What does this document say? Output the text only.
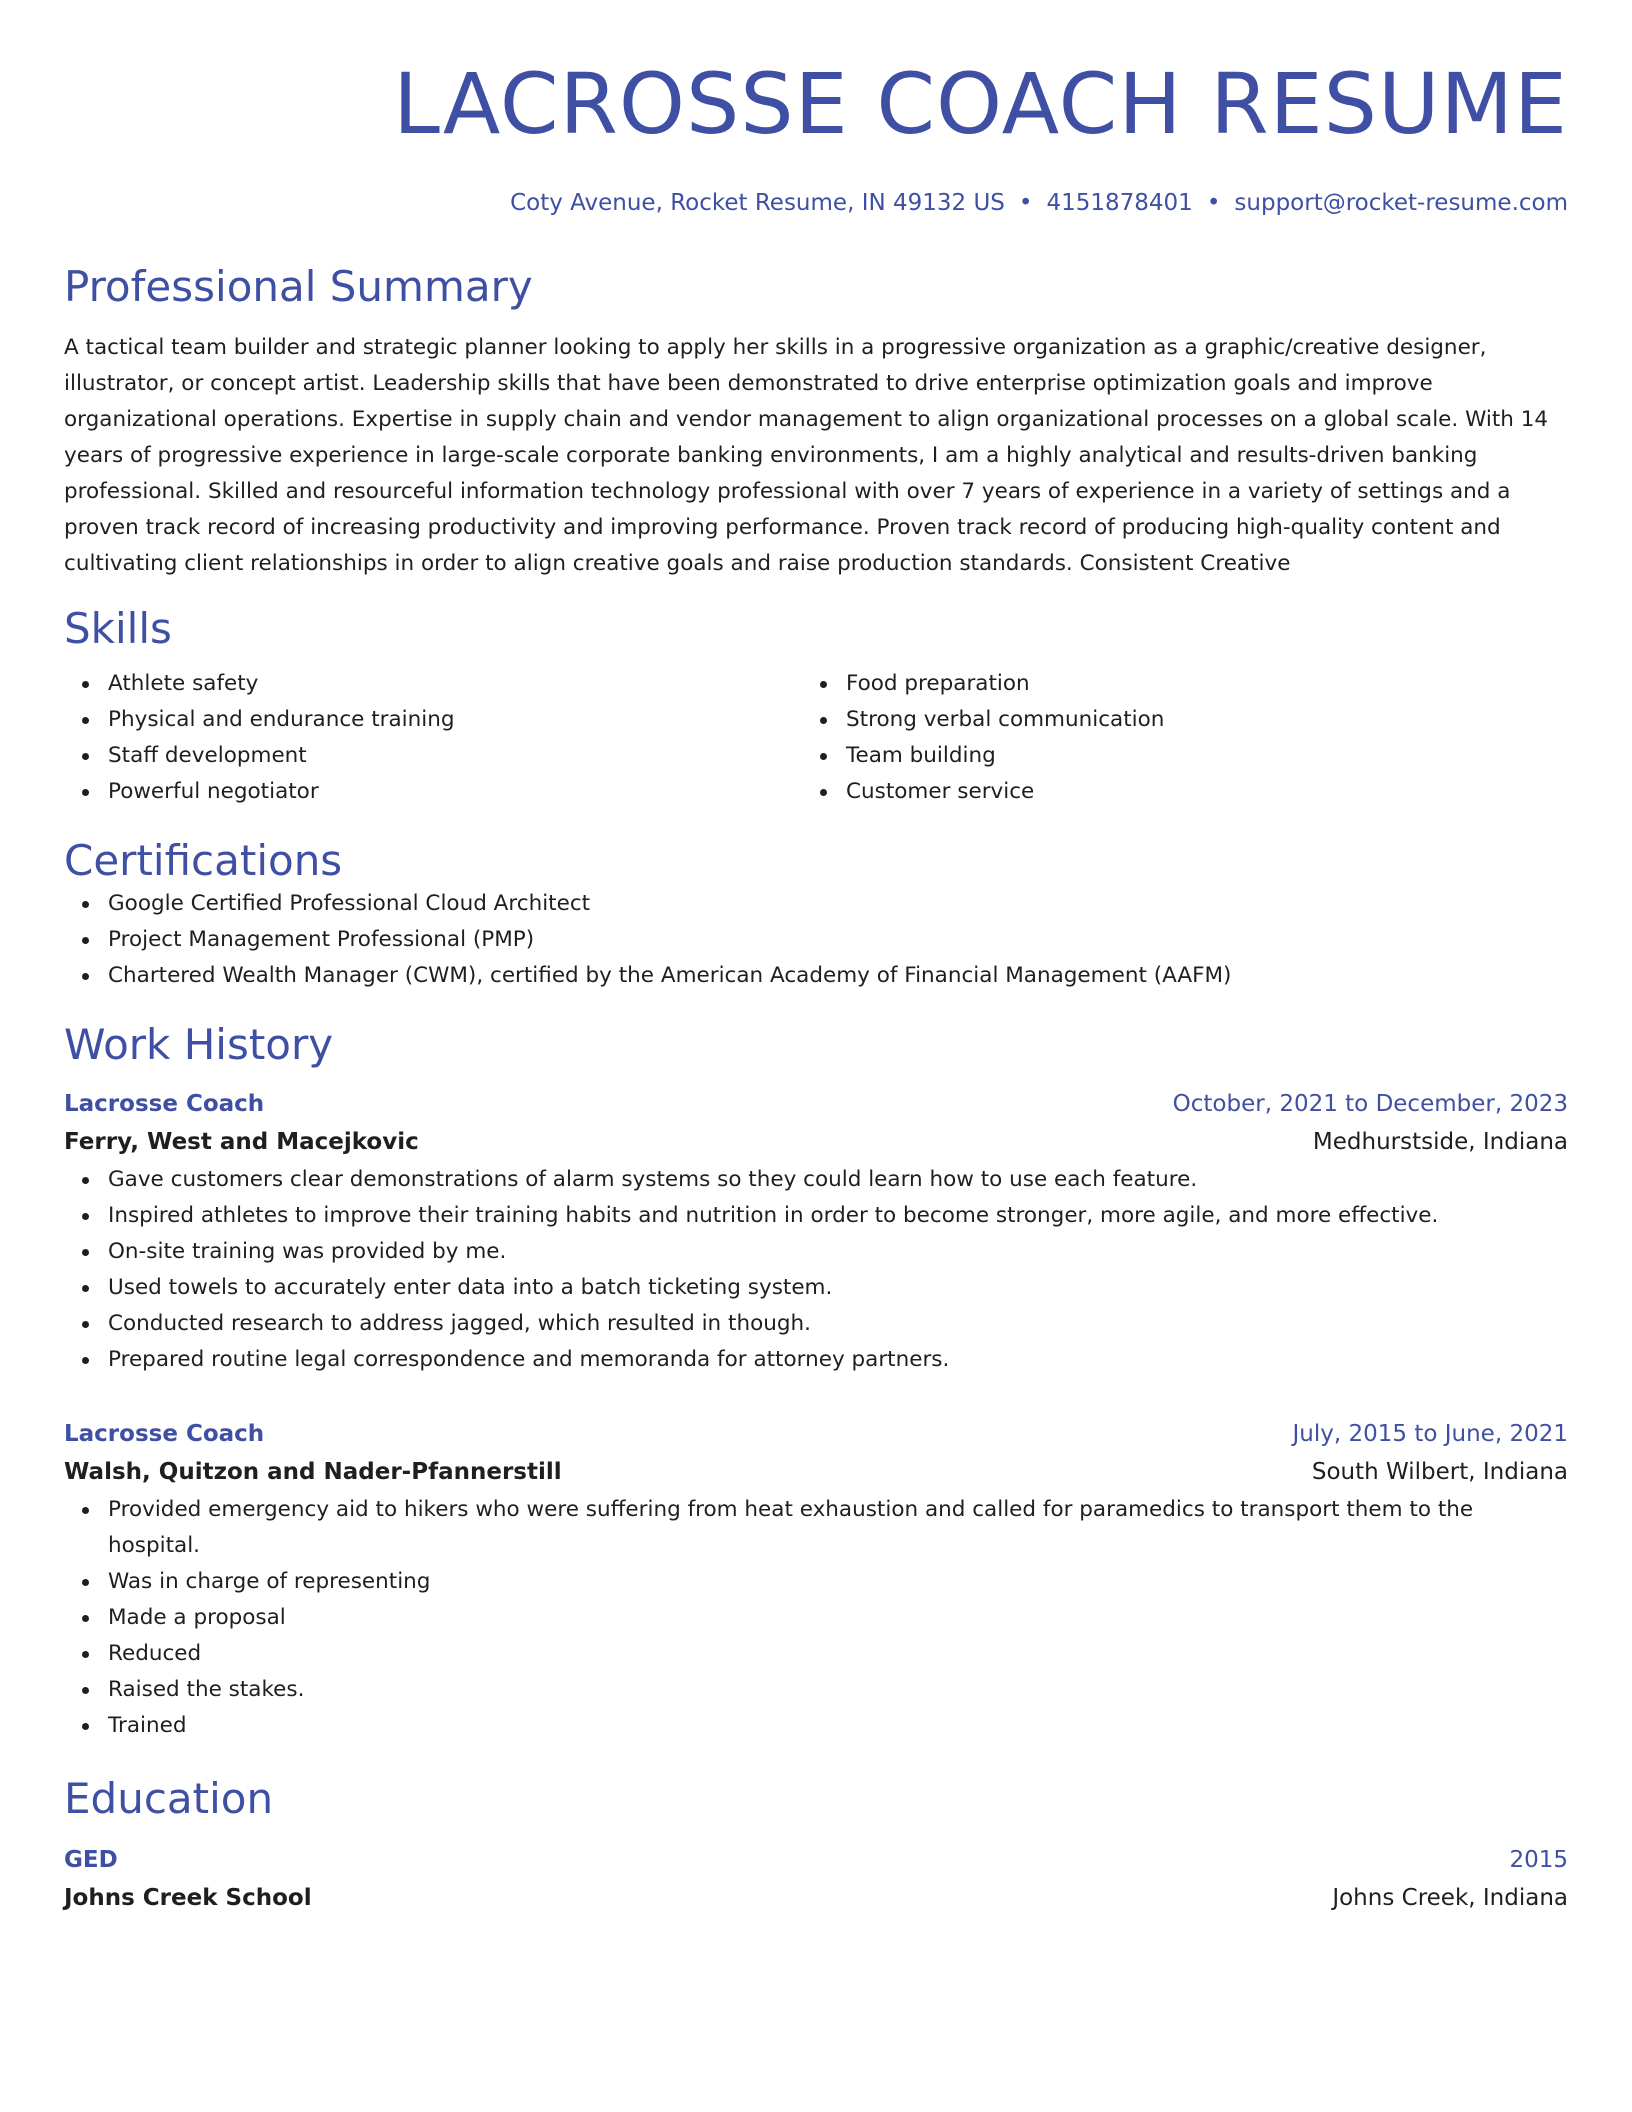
LACROSSE COACH RESUME
Coty Avenue, Rocket Resume, IN 49132 US • 4151878401 • support@rocket-resume.com
Professional Summary
A tactical team builder and strategic planner looking to apply her skills in a progressive organization as a graphic/creative designer, illustrator, or concept artist. Leadership skills that have been demonstrated to drive enterprise optimization goals and improve organizational operations. Expertise in supply chain and vendor management to align organizational processes on a global scale. With 14 years of progressive experience in large-scale corporate banking environments, I am a highly analytical and results-driven banking professional. Skilled and resourceful information technology professional with over 7 years of experience in a variety of settings and a proven track record of increasing productivity and improving performance. Proven track record of producing high-quality content and cultivating client relationships in order to align creative goals and raise production standards. Consistent Creative
Skills
Athlete safety
Physical and endurance training
Staff development
Powerful negotiator
Food preparation
Strong verbal communication
Team building
Customer service
Certifications
Google Certified Professional Cloud Architect
Project Management Professional (PMP)
Chartered Wealth Manager (CWM), certified by the American Academy of Financial Management (AAFM)
Work History
Lacrosse Coach	October, 2021 to December, 2023
Ferry, West and Macejkovic	Medhurstside, Indiana
Gave customers clear demonstrations of alarm systems so they could learn how to use each feature.
Inspired athletes to improve their training habits and nutrition in order to become stronger, more agile, and more effective.
On-site training was provided by me.
Used towels to accurately enter data into a batch ticketing system.
Conducted research to address jagged, which resulted in though.
Prepared routine legal correspondence and memoranda for attorney partners.
Lacrosse Coach	July, 2015 to June, 2021
Walsh, Quitzon and Nader-Pfannerstill	South Wilbert, Indiana
Provided emergency aid to hikers who were suffering from heat exhaustion and called for paramedics to transport them to the hospital.
Was in charge of representing
Made a proposal
Reduced
Raised the stakes.
Trained
Education
GED	2015
Johns Creek School	Johns Creek, Indiana
